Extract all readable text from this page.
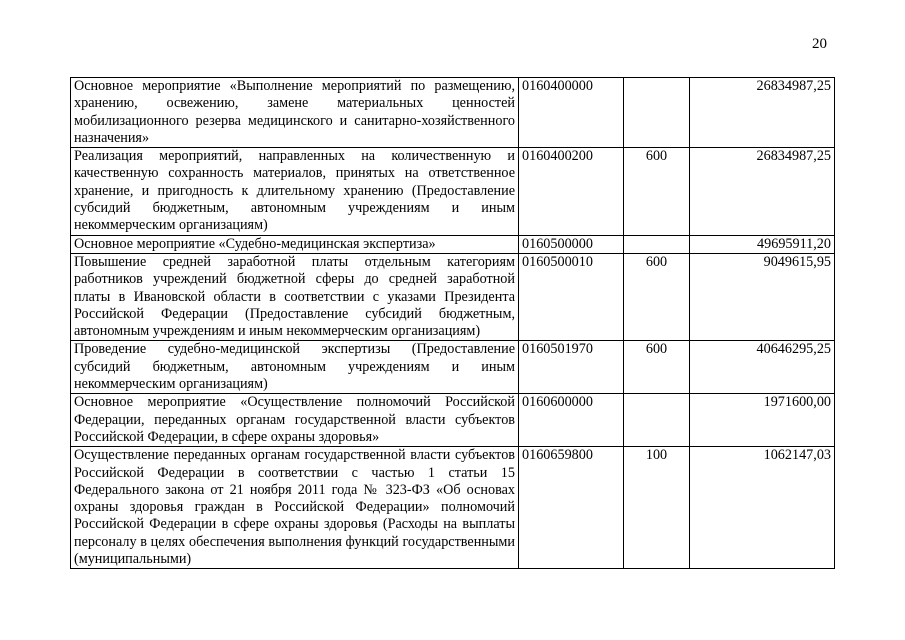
20
Основное мероприятие «Выполнение мероприятий по размещению, хранению, освежению, замене материальных ценностей мобилизационного резерва медицинского и санитарно-хозяйственного назначения»	0160400000		26834987,25
Реализация мероприятий, направленных на количественную и качественную сохранность материалов, принятых на ответственное хранение, и пригодность к длительному хранению (Предоставление субсидий бюджетным, автономным учреждениям и иным некоммерческим организациям)	0160400200	600	26834987,25
Основное мероприятие «Судебно-медицинская экспертиза»	0160500000		49695911,20
Повышение средней заработной платы отдельным категориям работников учреждений бюджетной сферы до средней заработной платы в Ивановской области в соответствии с указами Президента Российской Федерации (Предоставление субсидий бюджетным, автономным учреждениям и иным некоммерческим организациям)	0160500010	600	9049615,95
Проведение судебно-медицинской экспертизы (Предоставление субсидий бюджетным, автономным учреждениям и иным некоммерческим организациям)	0160501970	600	40646295,25
Основное мероприятие «Осуществление полномочий Российской Федерации, переданных органам государственной власти субъектов Российской Федерации, в сфере охраны здоровья»	0160600000		1971600,00
Осуществление переданных органам государственной власти субъектов Российской Федерации в соответствии с частью 1 статьи 15 Федерального закона от 21 ноября 2011 года № 323-ФЗ «Об основах охраны здоровья граждан в Российской Федерации» полномочий Российской Федерации в сфере охраны здоровья (Расходы на выплаты персоналу в целях обеспечения выполнения функций государственными (муниципальными)	0160659800	100	1062147,03
